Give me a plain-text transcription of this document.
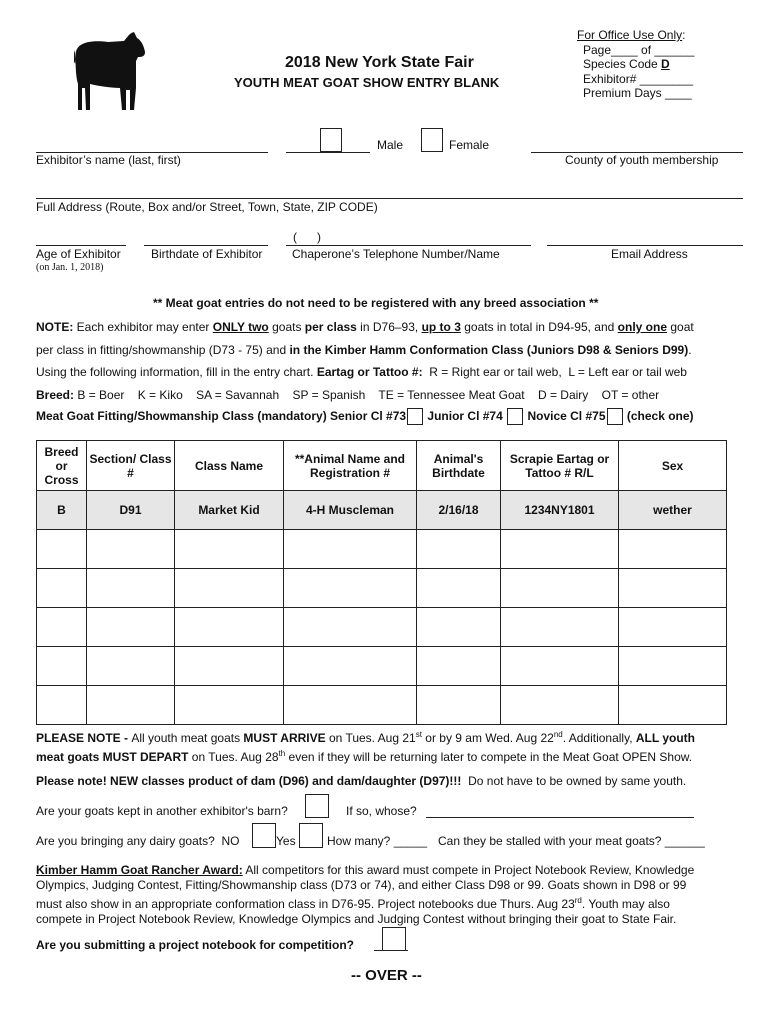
2018 New York State Fair
YOUTH MEAT GOAT SHOW ENTRY BLANK
For Office Use Only:
Page____ of ______
Species Code D
Exhibitor# ________
Premium Days ____
Exhibitor’s name (last, first)
Male	Female
County of youth membership
Full Address (Route, Box and/or Street, Town, State, ZIP CODE)
Age of Exhibitor
(on Jan. 1, 2018)
Birthdate of Exhibitor
(      )
Chaperone’s Telephone Number/Name	Email Address
** Meat goat entries do not need to be registered with any breed association **
NOTE: Each exhibitor may enter ONLY two goats per class in D76–93, up to 3 goats in total in D94-95, and only one goat
per class in fitting/showmanship (D73 - 75) and in the Kimber Hamm Conformation Class (Juniors D98 & Seniors D99).
Using the following information, fill in the entry chart. Eartag or Tattoo #:  R = Right ear or tail web,  L = Left ear or tail web
Breed: B = Boer    K = Kiko    SA = Savannah    SP = Spanish    TE = Tennessee Meat Goat    D = Dairy    OT = other
Meat Goat Fitting/Showmanship Class (mandatory) Senior Cl #73 Junior Cl #74 Novice Cl #75 (check one)
Breed or Cross	Section/ Class #	Class Name	**Animal Name and Registration #	Animal's Birthdate	Scrapie Eartag or Tattoo # R/L	Sex
B	D91	Market Kid	4-H Muscleman	2/16/18	1234NY1801	wether

PLEASE NOTE - All youth meat goats MUST ARRIVE on Tues. Aug 21st or by 9 am Wed. Aug 22nd. Additionally, ALL youth
meat goats MUST DEPART on Tues. Aug 28th even if they will be returning later to compete in the Meat Goat OPEN Show.
Please note! NEW classes product of dam (D96) and dam/daughter (D97)!!!  Do not have to be owned by same youth.
Are your goats kept in another exhibitor's barn?	If so, whose?
Are you bringing any dairy goats?  NO	Yes	How many? _____ Can they be stalled with your meat goats? ______
Kimber Hamm Goat Rancher Award: All competitors for this award must compete in Project Notebook Review, Knowledge
Olympics, Judging Contest, Fitting/Showmanship class (D73 or 74), and either Class D98 or 99. Goats shown in D98 or 99
must also show in an appropriate conformation class in D76-95. Project notebooks due Thurs. Aug 23rd. Youth may also
compete in Project Notebook Review, Knowledge Olympics and Judging Contest without bringing their goat to State Fair.
Are you submitting a project notebook for competition?
-- OVER --
